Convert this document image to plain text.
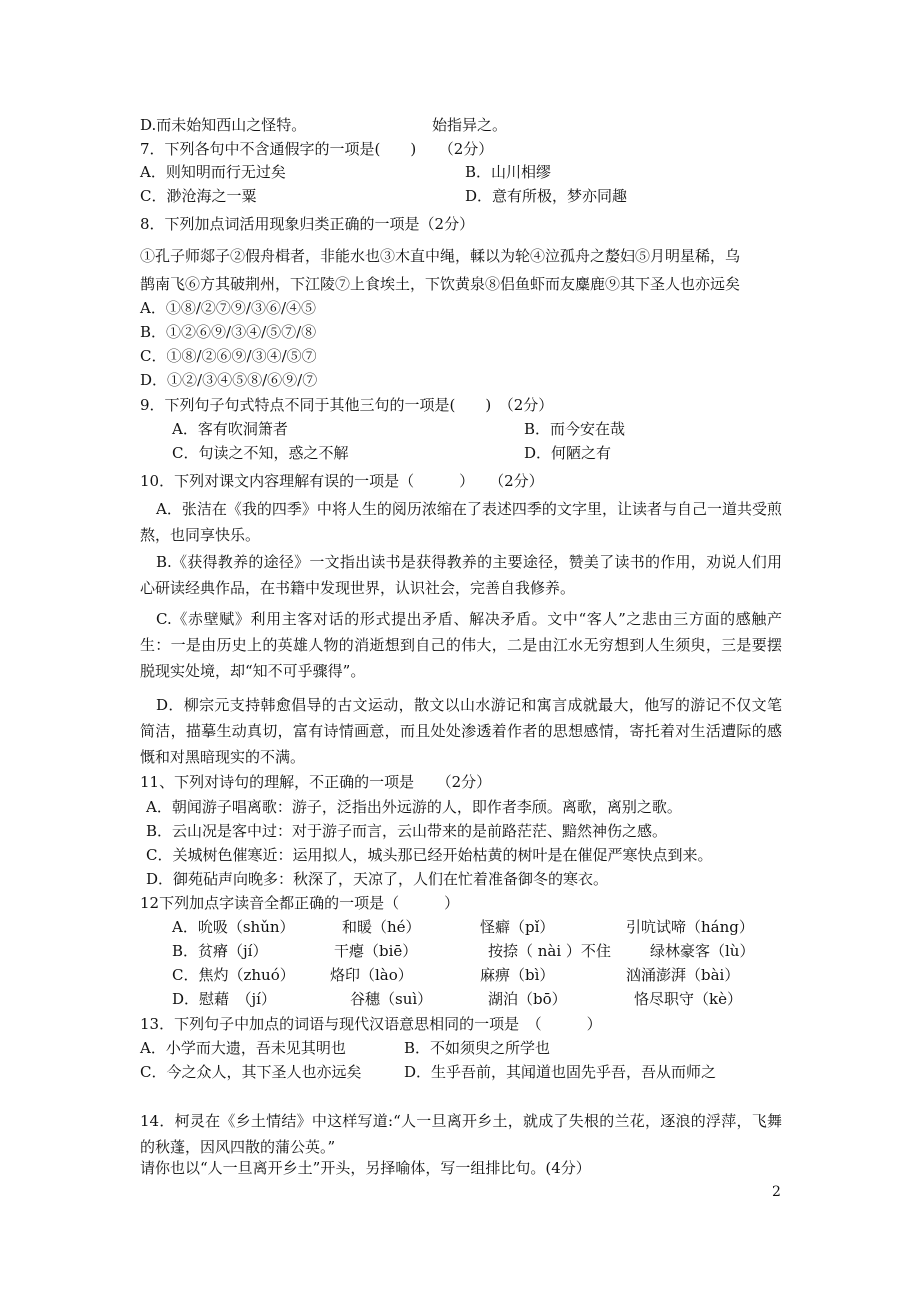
D.而未始知西山之怪特。	始指异之。
7．下列各句中不含通假字的一项是(　　)　　（2分）
A．则知明而行无过矣	B．山川相缪
C．渺沧海之一粟	D．意有所极，梦亦同趣
8．下列加点词活用现象归类正确的一项是（2分）
①孔子师郯子②假舟楫者，非能水也③木直中绳，輮以为轮④泣孤舟之嫠妇⑤月明星稀，乌
鹊南飞⑥方其破荆州，下江陵⑦上食埃土，下饮黄泉⑧侣鱼虾而友麋鹿⑨其下圣人也亦远矣
A．①⑧/②⑦⑨/③⑥/④⑤
B．①②⑥⑨/③④/⑤⑦/⑧
C．①⑧/②⑥⑨/③④/⑤⑦
D．①②/③④⑤⑧/⑥⑨/⑦
9．下列句子句式特点不同于其他三句的一项是(　　)　（2分）
A．客有吹洞箫者	B．而今安在哉
C．句读之不知，惑之不解	D．何陋之有
10．下列对课文内容理解有误的一项是（　　　）　　（2分）
A．张洁在《我的四季》中将人生的阅历浓缩在了表述四季的文字里，让读者与自己一道共受煎熬，也同享快乐。
B.《获得教养的途径》一文指出读书是获得教养的主要途径，赞美了读书的作用，劝说人们用心研读经典作品，在书籍中发现世界，认识社会，完善自我修养。
C.《赤壁赋》利用主客对话的形式提出矛盾、解决矛盾。文中“客人”之悲由三方面的感触产生：一是由历史上的英雄人物的消逝想到自己的伟大，二是由江水无穷想到人生须臾，三是要摆脱现实处境，却“知不可乎骤得”。
D．柳宗元支持韩愈倡导的古文运动，散文以山水游记和寓言成就最大，他写的游记不仅文笔简洁，描摹生动真切，富有诗情画意，而且处处渗透着作者的思想感情，寄托着对生活遭际的感慨和对黑暗现实的不满。
11、下列对诗句的理解，不正确的一项是　　（2分）
A．朝闻游子唱离歌：游子，泛指出外远游的人，即作者李颀。离歌，离别之歌。
B．云山况是客中过：对于游子而言，云山带来的是前路茫茫、黯然神伤之感。
C．关城树色催寒近：运用拟人，城头那已经开始枯黄的树叶是在催促严寒快点到来。
D．御苑砧声向晚多：秋深了，天凉了，人们在忙着准备御冬的寒衣。
12下列加点字读音全都正确的一项是（　　　）
A．吮吸（shǔn）	和暖（hé）	怪癖（pǐ）	引吭试啼（háng）
B．贫瘠（jí）	干瘪（biē）	按捺（ nài ）不住	绿林豪客（lù）
C．焦灼（zhuó） 烙印（lào）	麻痹（bì）	汹涌澎湃（bài）
D．慰藉　（jí）	谷穗（suì）	湖泊（bō）	恪尽职守（kè）
13．下列句子中加点的词语与现代汉语意思相同的一项是　（　　　）
A．小学而大遗，吾未见其明也	B．不如须臾之所学也
C．今之众人，其下圣人也亦远矣	D．生乎吾前，其闻道也固先乎吾，吾从而师之
14．柯灵在《乡土情结》中这样写道:“人一旦离开乡土，就成了失根的兰花，逐浪的浮萍，飞舞的秋蓬，因风四散的蒲公英。”
请你也以“人一旦离开乡土”开头，另择喻体，写一组排比句。(4分）
2
